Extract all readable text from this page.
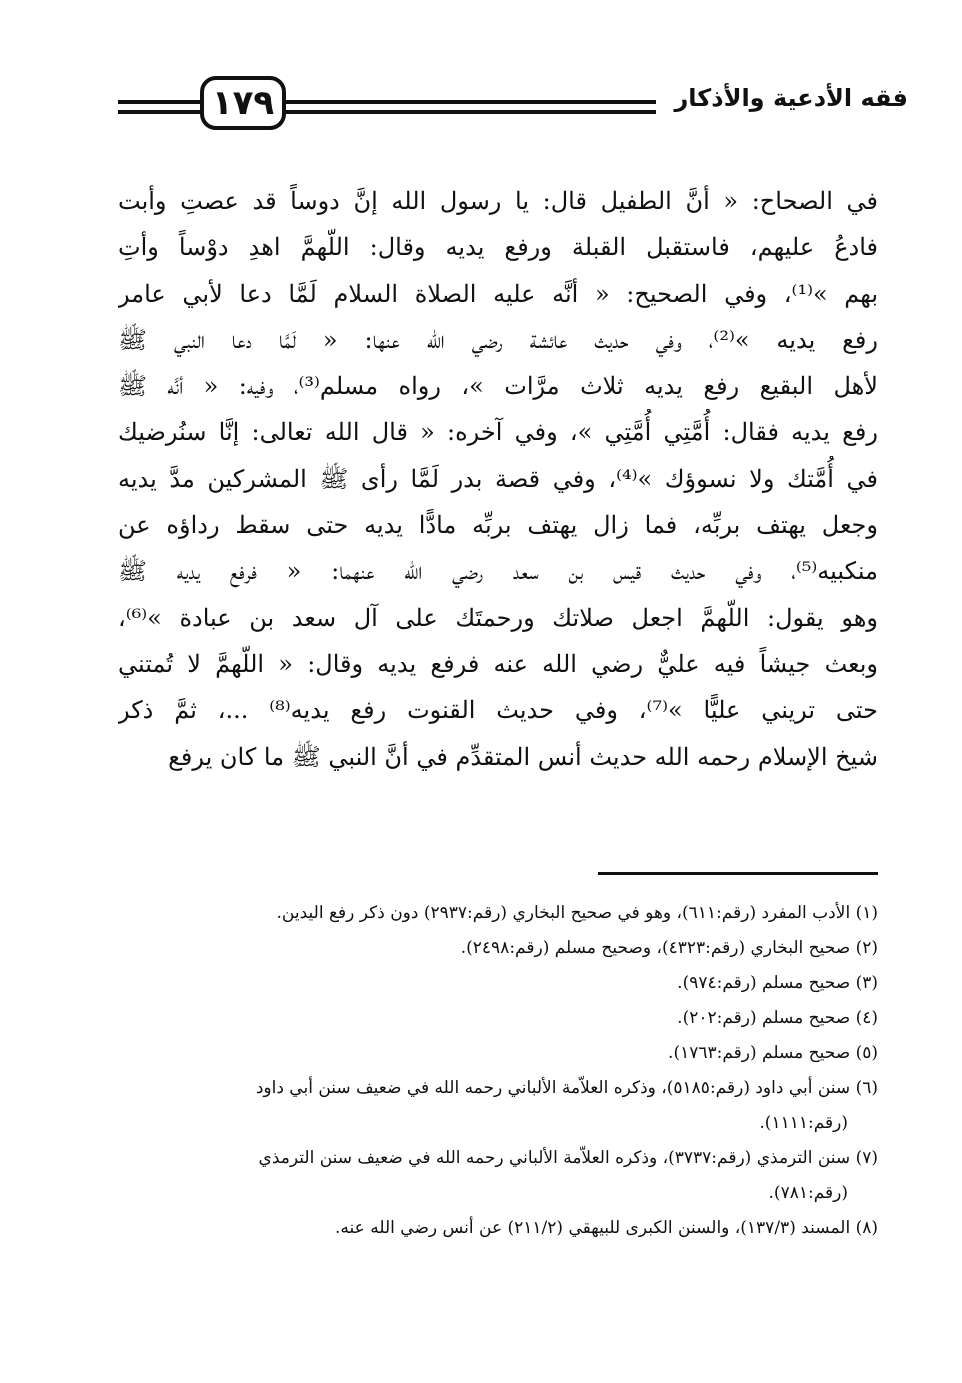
١٧٩	فقه الأدعية والأذكار
في الصحاح: « أنَّ الطفيل قال: يا رسول الله إنَّ دوساً قد عصتِ وأبت
فادعُ عليهم، فاستقبل القبلة ورفع يديه وقال: اللّهمَّ اهدِ دوْساً وأتِ
بهم »⁽¹⁾، وفي الصحيح: « أنَّه عليه الصلاة السلام لَمَّا دعا لأبي عامر
رفع يديه »⁽²⁾، وفي حديث عائشة رضي الله عنها: « لَمَّا دعا النبي ﷺ
لأهل البقيع رفع يديه ثلاث مرَّات »، رواه مسلم⁽³⁾، وفيه: « أنَّه ﷺ
رفع يديه فقال: أُمَّتِي أُمَّتِي »، وفي آخره: « قال الله تعالى: إنَّا سنُرضيك
في أُمَّتك ولا نسوؤك »⁽⁴⁾، وفي قصة بدر لَمَّا رأى ﷺ المشركين مدَّ يديه
وجعل يهتف بربِّه، فما زال يهتف بربِّه مادًّا يديه حتى سقط رداؤه عن
منكبيه⁽⁵⁾، وفي حديث قيس بن سعد رضي الله عنهما: « فرفع يديه ﷺ
وهو يقول: اللّهمَّ اجعل صلاتك ورحمتَك على آل سعد بن عبادة »⁽⁶⁾،
وبعث جيشاً فيه عليٌّ رضي الله عنه فرفع يديه وقال: « اللّهمَّ لا تُمتني
حتى تريني عليًّا »⁽⁷⁾، وفي حديث القنوت رفع يديه⁽⁸⁾ ...، ثمَّ ذكر
شيخ الإسلام رحمه الله حديث أنس المتقدِّم في أنَّ النبي ﷺ ما كان يرفع
(١) الأدب المفرد (رقم:٦١١)، وهو في صحيح البخاري (رقم:٢٩٣٧) دون ذكر رفع اليدين.
(٢) صحيح البخاري (رقم:٤٣٢٣)، وصحيح مسلم (رقم:٢٤٩٨).
(٣) صحيح مسلم (رقم:٩٧٤).
(٤) صحيح مسلم (رقم:٢٠٢).
(٥) صحيح مسلم (رقم:١٧٦٣).
(٦) سنن أبي داود (رقم:٥١٨٥)، وذكره العلاّمة الألباني رحمه الله في ضعيف سنن أبي داود
(رقم:١١١١).
(٧) سنن الترمذي (رقم:٣٧٣٧)، وذكره العلاّمة الألباني رحمه الله في ضعيف سنن الترمذي
(رقم:٧٨١).
(٨) المسند (١٣٧/٣)، والسنن الكبرى للبيهقي (٢١١/٢) عن أنس رضي الله عنه.
